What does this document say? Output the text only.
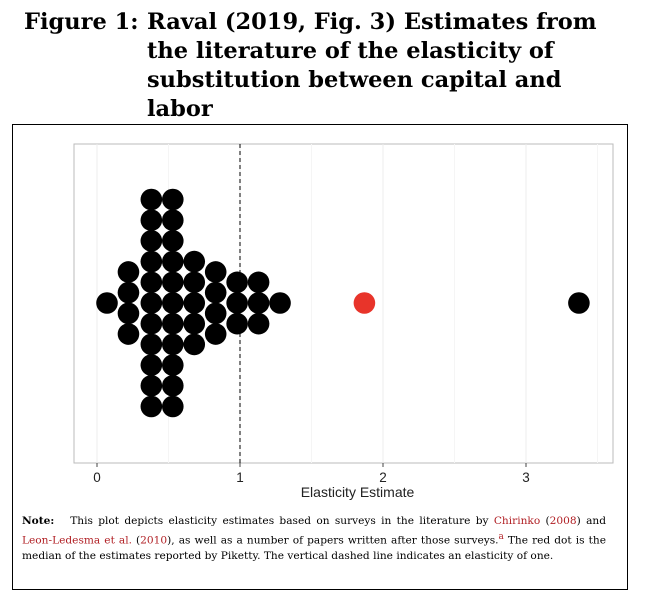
Figure 1: Raval (2019, Fig. 3) Estimates from the literature of the elasticity of substitution between capital and labor
0	1	2	3
Elasticity Estimate
Note: This plot depicts elasticity estimates based on surveys in the literature by Chirinko (2008) and Leon-Ledesma et al. (2010), as well as a number of papers written after those surveys.$^a$ The red dot is the median of the estimates reported by Piketty. The vertical dashed line indicates an elasticity of one.
